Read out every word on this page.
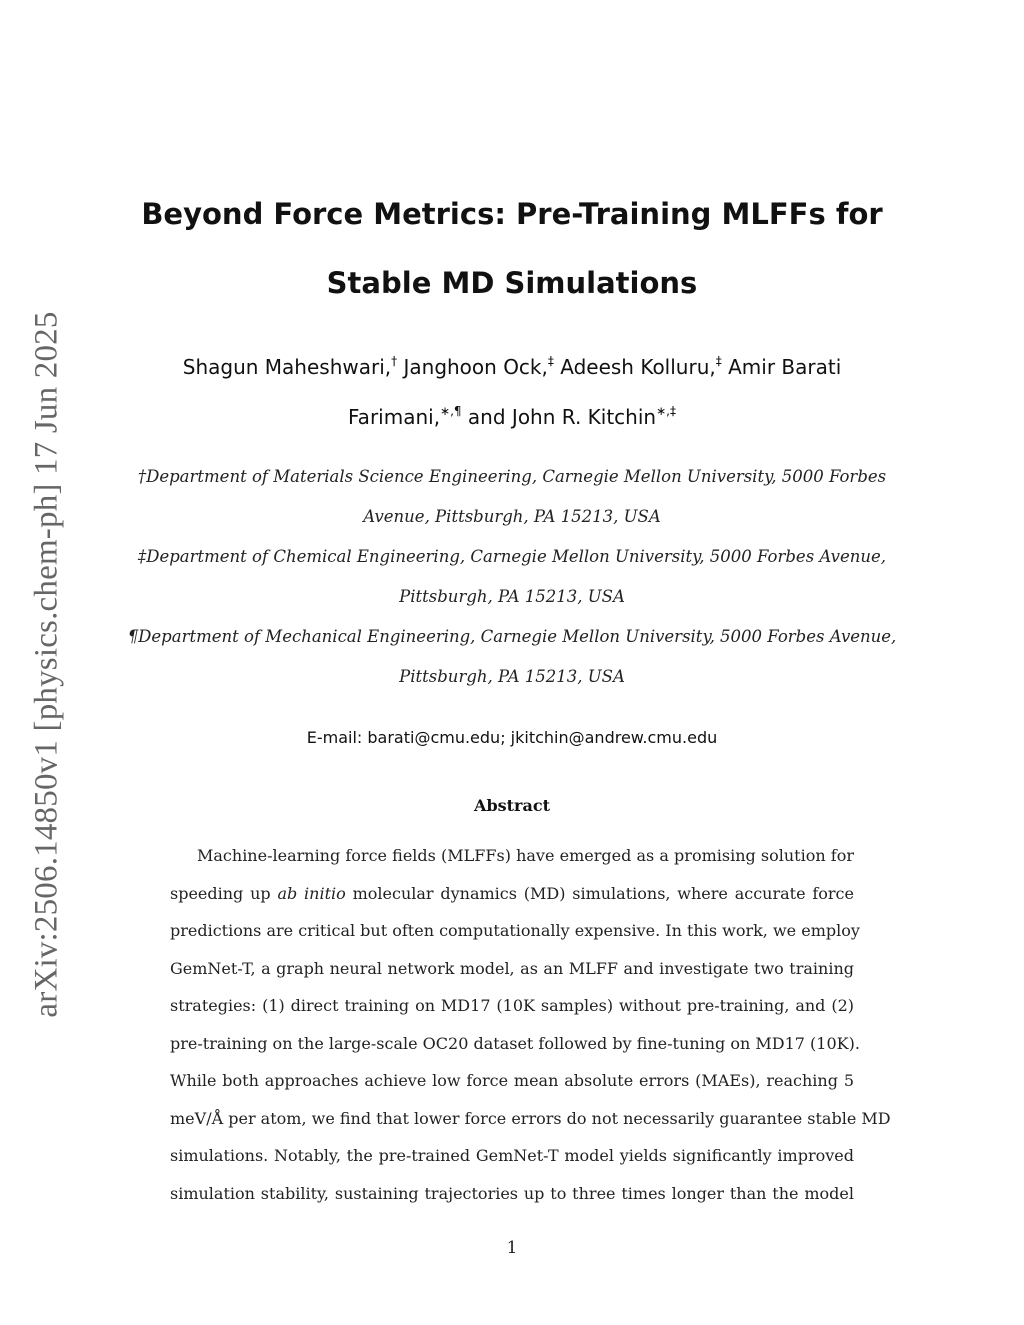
arXiv:2506.14850v1 [physics.chem-ph] 17 Jun 2025
Beyond Force Metrics: Pre-Training MLFFs for
Stable MD Simulations
Shagun Maheshwari,† Janghoon Ock,‡ Adeesh Kolluru,‡ Amir Barati
Farimani,∗,¶ and John R. Kitchin∗,‡
†Department of Materials Science Engineering, Carnegie Mellon University, 5000 Forbes
Avenue, Pittsburgh, PA 15213, USA
‡Department of Chemical Engineering, Carnegie Mellon University, 5000 Forbes Avenue,
Pittsburgh, PA 15213, USA
¶Department of Mechanical Engineering, Carnegie Mellon University, 5000 Forbes Avenue,
Pittsburgh, PA 15213, USA
E-mail: barati@cmu.edu; jkitchin@andrew.cmu.edu
Abstract
Machine-learning force fields (MLFFs) have emerged as a promising solution for
speeding up ab initio molecular dynamics (MD) simulations, where accurate force
predictions are critical but often computationally expensive. In this work, we employ
GemNet-T, a graph neural network model, as an MLFF and investigate two training
strategies: (1) direct training on MD17 (10K samples) without pre-training, and (2)
pre-training on the large-scale OC20 dataset followed by fine-tuning on MD17 (10K).
While both approaches achieve low force mean absolute errors (MAEs), reaching 5
meV/Å per atom, we find that lower force errors do not necessarily guarantee stable MD
simulations. Notably, the pre-trained GemNet-T model yields significantly improved
simulation stability, sustaining trajectories up to three times longer than the model
1
